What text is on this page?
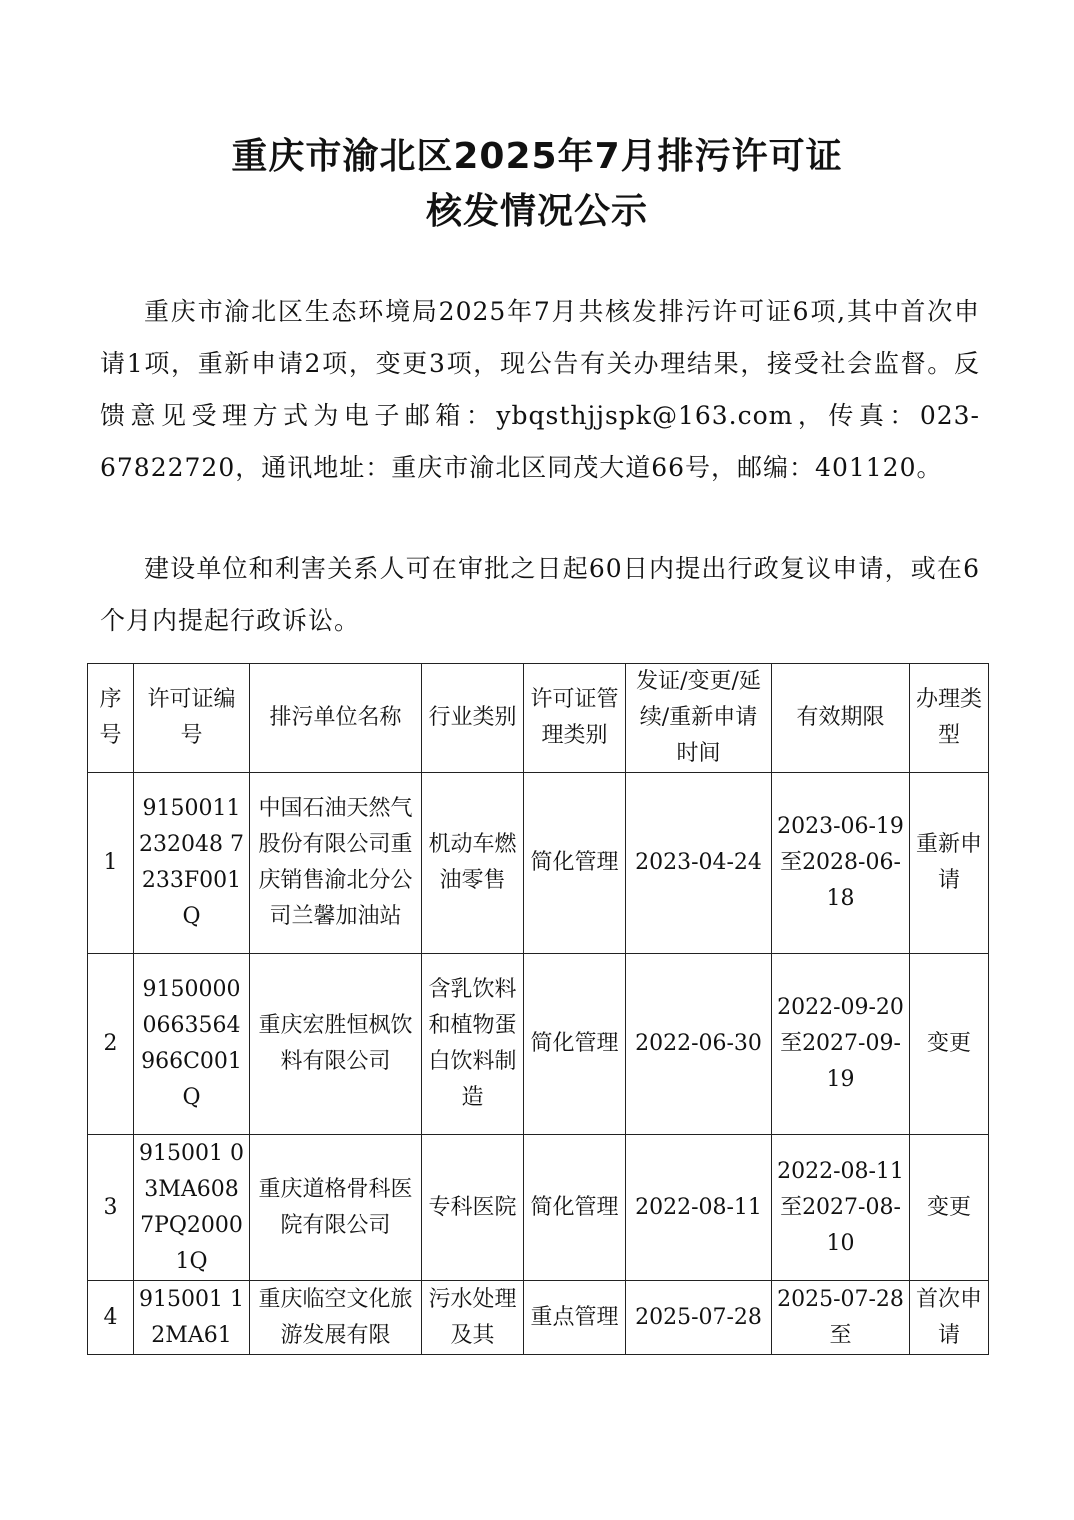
重庆市渝北区2025年7月排污许可证
核发情况公示
重庆市渝北区生态环境局2025年7月共核发排污许可证6项,其中首次申请1项，重新申请2项，变更3项，现公告有关办理结果，接受社会监督。反馈意见受理方式为电子邮箱：ybqsthjjspk@163.com，传真：023-67822720，通讯地址：重庆市渝北区同茂大道66号，邮编：401120。
建设单位和利害关系人可在审批之日起60日内提出行政复议申请，或在6个月内提起行政诉讼。
序号	许可证编号	排污单位名称	行业类别	许可证管理类别	发证/变更/延续/重新申请时间	有效期限	办理类型
1	9150011232048 7233F001Q	中国石油天然气股份有限公司重庆销售渝北分公司兰馨加油站	机动车燃油零售	简化管理	2023-04-24	2023-06-19至2028-06-18	重新申请
2	91500000663564966C001Q	重庆宏胜恒枫饮料有限公司	含乳饮料和植物蛋白饮料制造	简化管理	2022-06-30	2022-09-20至2027-09-19	变更
3	915001 03MA6087PQ20001Q	重庆道格骨科医院有限公司	专科医院	简化管理	2022-08-11	2022-08-11至2027-08-10	变更
4	915001 12MA61	重庆临空文化旅游发展有限	污水处理及其	重点管理	2025-07-28	2025-07-28至	首次申请
